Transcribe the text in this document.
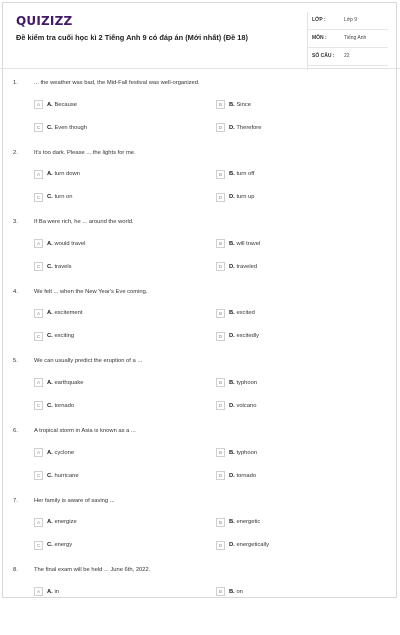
QUIZIZZ
Đề kiểm tra cuối học kì 2 Tiếng Anh 9 có đáp án (Mới nhất) (Đề 18)
LỚP :	Lớp 9
MÔN :	Tiếng Anh
SỐ CÂU : 22
1.	... the weather was bad, the Mid-Fall festival was well-organized.
A	A. Because	B	B. Since
C	C. Even though	D	D. Therefore
2.	It's too dark. Please ... the lights for me.
A	A. turn down	B	B. turn off
C	C. turn on	D	D. turn up
3.	If Ba were rich, he ... around the world.
A	A. would travel	B	B. will travel
C	C. travels	D	D. traveled
4.	We felt ... when the New Year's Eve coming.
A	A. excitement	B	B. excited
C	C. exciting	D	D. excitedly
5.	We can usually predict the eruption of a ...
A	A. earthquake	B	B. typhoon
C	C. tornado	D	D. volcano
6.	A tropical storm in Asia is known as a ...
A	A. cyclone	B	B. typhoon
C	C. hurricane	D	D. tornado
7.	Her family is aware of saving ...
A	A. energize	B	B. energetic
C	C. energy	D	D. energetically
8.	The final exam will be held ... June 6th, 2022.
A	A. in	B	B. on
